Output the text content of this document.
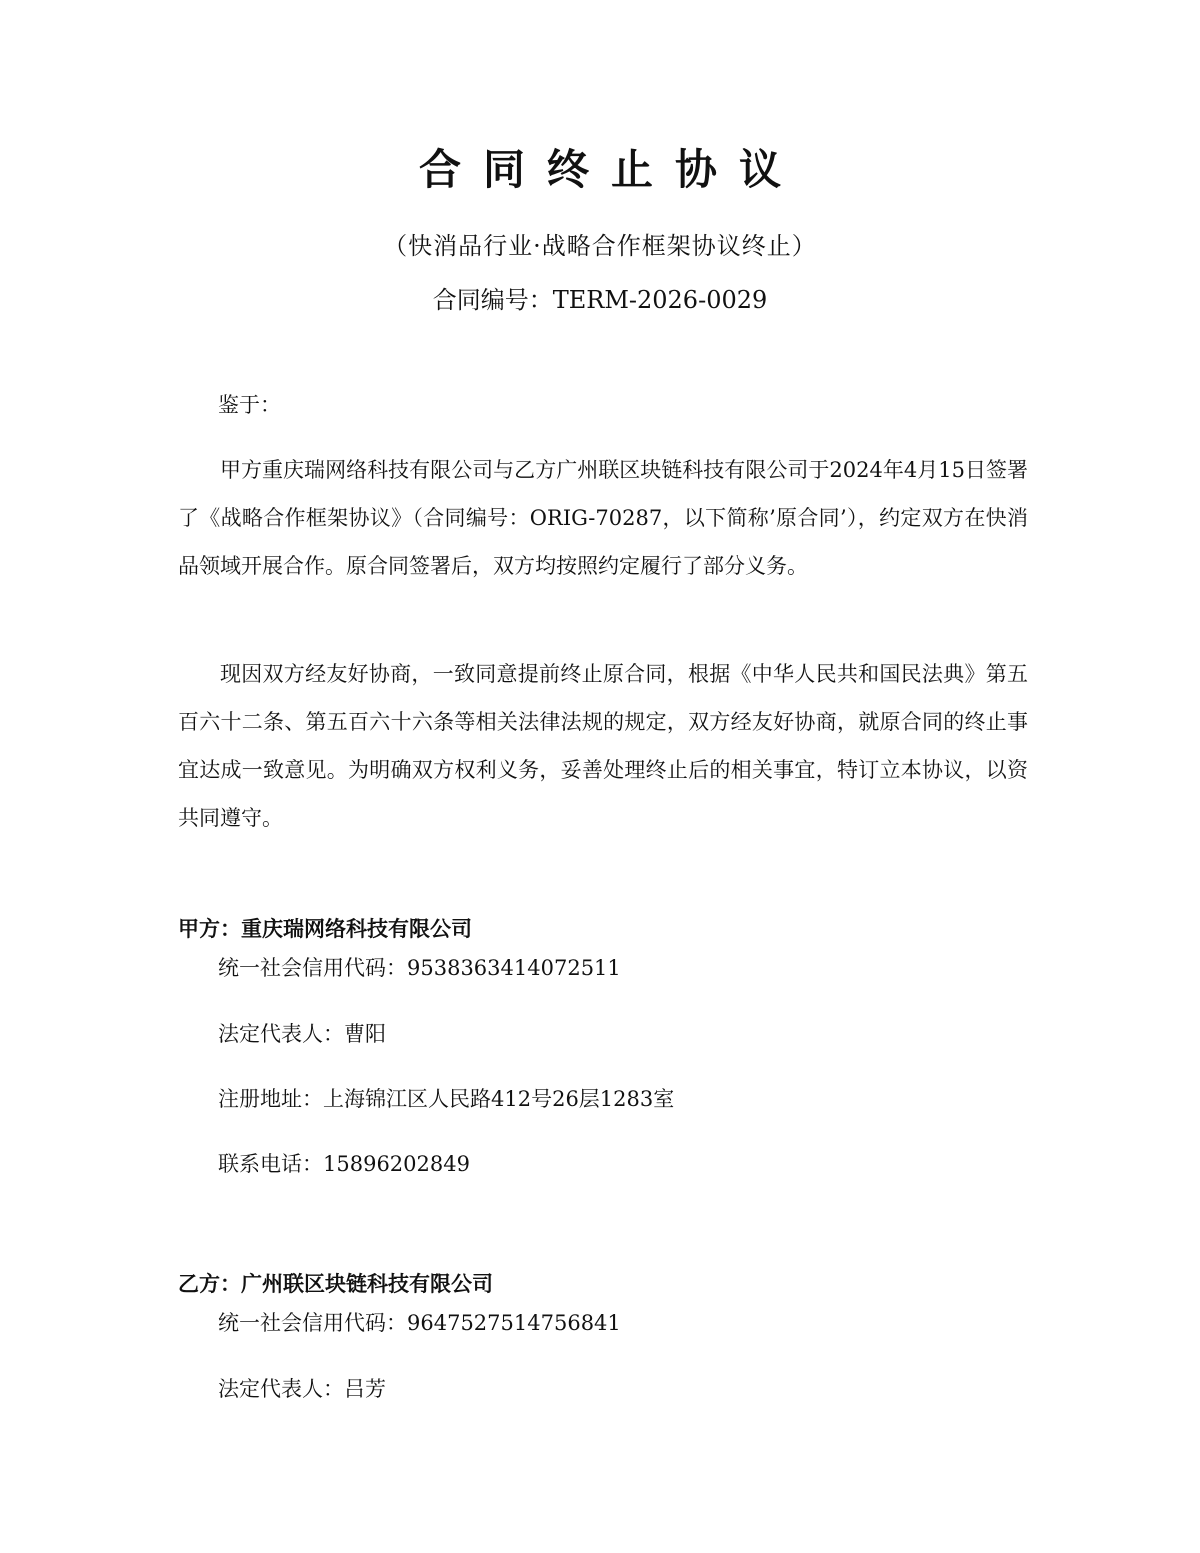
合同终止协议
（快消品行业·战略合作框架协议终止）
合同编号：TERM-2026-0029
鉴于：

甲方重庆瑞网络科技有限公司与乙方广州联区块链科技有限公司于2024年4月15日签署了《战略合作框架协议》（合同编号：ORIG-70287，以下简称’原合同’），约定双方在快消品领域开展合作。原合同签署后，双方均按照约定履行了部分义务。

现因双方经友好协商，一致同意提前终止原合同，根据《中华人民共和国民法典》第五百六十二条、第五百六十六条等相关法律法规的规定，双方经友好协商，就原合同的终止事宜达成一致意见。为明确双方权利义务，妥善处理终止后的相关事宜，特订立本协议，以资共同遵守。

甲方：重庆瑞网络科技有限公司
统一社会信用代码：9538363414072511
法定代表人：曹阳
注册地址：上海锦江区人民路412号26层1283室
联系电话：15896202849
乙方：广州联区块链科技有限公司
统一社会信用代码：9647527514756841
法定代表人：吕芳
